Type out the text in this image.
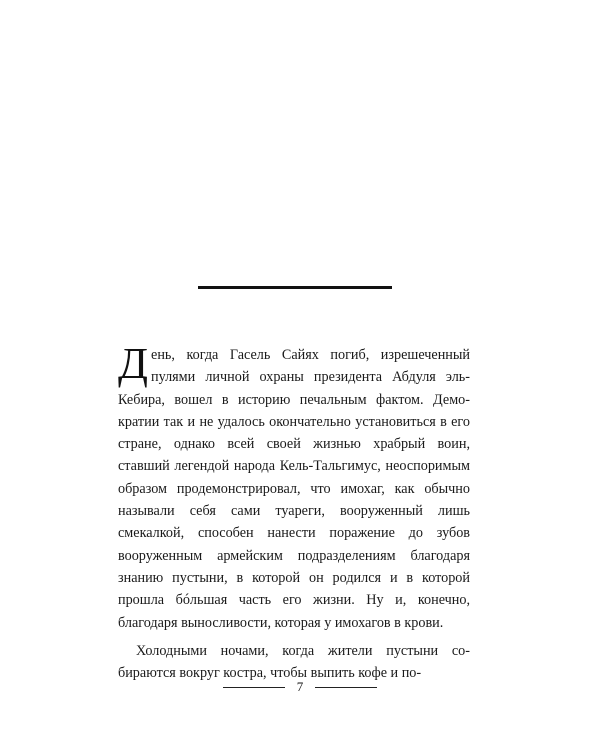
Д ень, когда Гасель Сайях погиб, изрешеченный пулями личной охраны президента Абдуля эль-Кебира, вошел в историю печальным фактом. Демократии так и не удалось окончательно установиться в его стране, однако всей своей жизнью храбрый воин, ставший легендой народа Кель-Тальгимус, неоспоримым образом продемонстрировал, что имохаг, как обычно называли себя сами туареги, вооруженный лишь смекалкой, способен нанести поражение до зубов вооруженным армейским подразделениям благодаря знанию пустыни, в которой он родился и в которой прошла бóльшая часть его жизни. Ну и, конечно, благодаря выносливости, которая у имохагов в крови.

Холодными ночами, когда жители пустыни собираются вокруг костра, чтобы выпить кофе и по-

7
